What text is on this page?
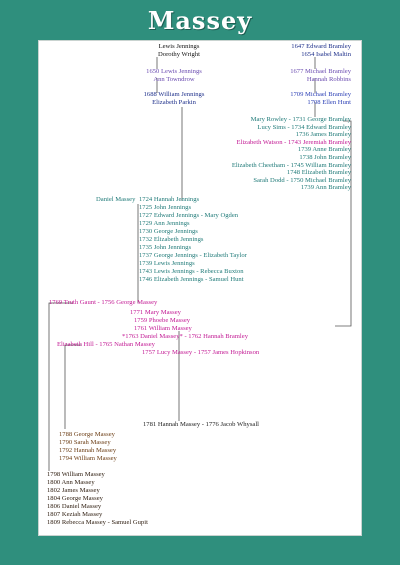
Massey
Lewis Jennings
Dorothy Wright
1650 Lewis Jennings
Ann Towndrow
1688 William Jennings
Elizabeth Parkin
1647 Edward Bramley
1654 Isabel Maltin
1677 Michael Bramley
Hannah Robbins
1709 Michael Bramley
1708 Ellen Hunt
Mary Rowley - 1731 George Bramley
Lucy Sims - 1734 Edward Bramley
1736 James Bramley
Elizabeth Watson - 1743 Jeremiah Bramley
1739 Anne Bramley
1738 John Bramley
Elizabeth Cheetham - 1745 William Bramley
1748 Elizabeth Bramley
Sarah Dodd - 1750 Michael Bramley
1739 Ann Bramley
Daniel Massey 1724 Hannah Jennings
1725 John Jennings
1727 Edward Jennings - Mary Ogden
1729 Ann Jennings
1730 George Jennings
1732 Elizabeth Jennings
1735 John Jennings
1737 George Jennings - Elizabeth Taylor
1739 Lewis Jennings
1743 Lewis Jennings - Rebecca Buxton
1746 Elizabeth Jennings - Samuel Hunt
1769 Truth Gaunt - 1756 George Massey
1771 Mary Massey
1759 Phoebe Massey
1761 William Massey
*1763 Daniel Massey* - 1762 Hannah Bramley
Elizabeth Hill - 1765 Nathan Massey
1757 Lucy Massey - 1757 James Hopkinson
1781 Hannah Massey - 1776 Jacob Whysall
1788 George Massey
1790 Sarah Massey
1792 Hannah Massey
1794 William Massey
1798 William Massey
1800 Ann Massey
1802 James Massey
1804 George Massey
1806 Daniel Massey
1807 Keziah Massey
1809 Rebecca Massey - Samuel Gupit
